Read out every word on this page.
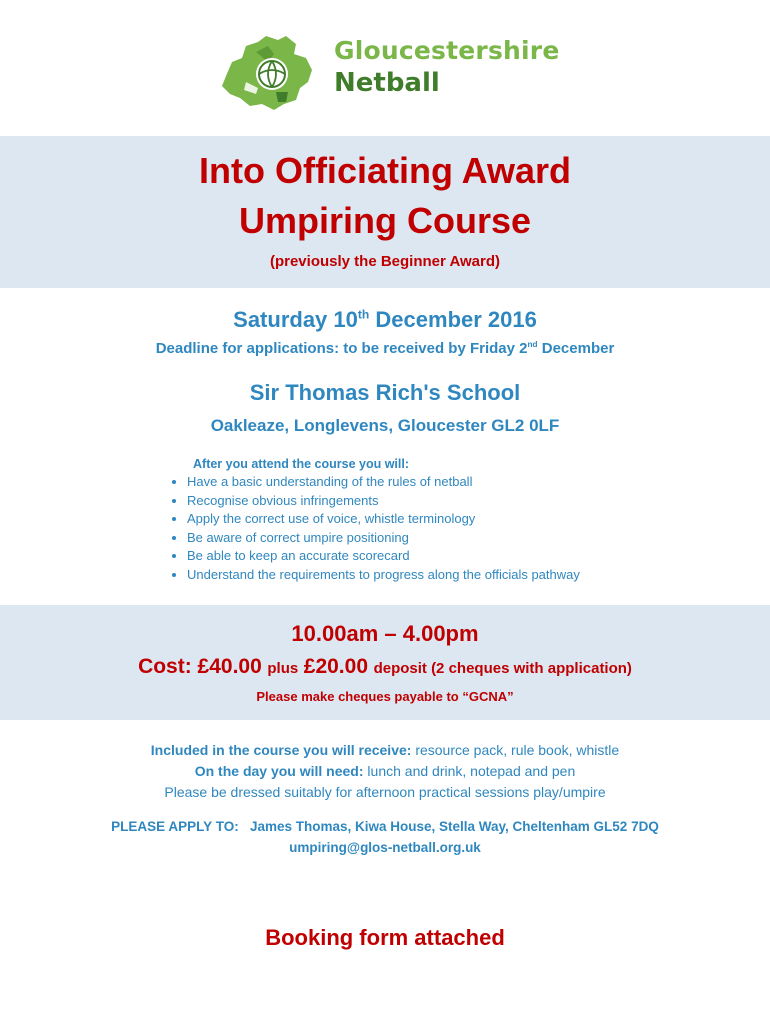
Gloucestershire
Netball
Into Officiating Award
Umpiring Course
(previously the Beginner Award)
Saturday 10th December 2016
Deadline for applications: to be received by Friday 2nd December
Sir Thomas Rich's School
Oakleaze, Longlevens, Gloucester GL2 0LF
After you attend the course you will:
• Have a basic understanding of the rules of netball
• Recognise obvious infringements
• Apply the correct use of voice, whistle terminology
• Be aware of correct umpire positioning
• Be able to keep an accurate scorecard
• Understand the requirements to progress along the officials pathway
10.00am – 4.00pm
Cost: £40.00 plus £20.00 deposit (2 cheques with application)
Please make cheques payable to “GCNA”
Included in the course you will receive: resource pack, rule book, whistle
On the day you will need: lunch and drink, notepad and pen
Please be dressed suitably for afternoon practical sessions play/umpire
PLEASE APPLY TO:   James Thomas, Kiwa House, Stella Way, Cheltenham GL52 7DQ
umpiring@glos-netball.org.uk
Booking form attached
